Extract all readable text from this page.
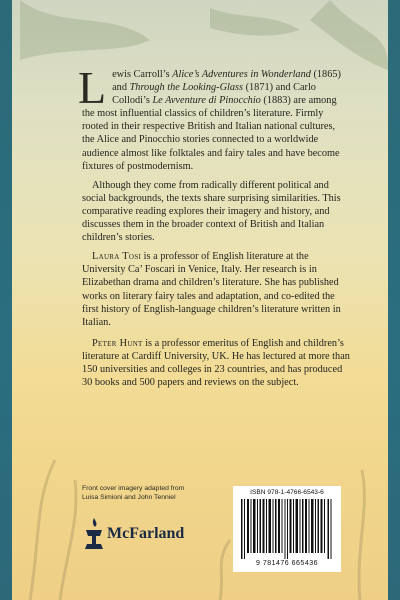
Lewis Carroll’s Alice’s Adventures in Wonderland (1865) and Through the Looking-Glass (1871) and Carlo Collodi’s Le Avventure di Pinocchio (1883) are among the most influential classics of children’s literature. Firmly rooted in their respective British and Italian national cultures, the Alice and Pinocchio stories connected to a worldwide audience almost like folktales and fairy tales and have become fixtures of postmodernism.

Although they come from radically different political and social backgrounds, the texts share surprising similarities. This comparative reading explores their imagery and history, and discusses them in the broader context of British and Italian children’s stories.

Laura Tosi is a professor of English literature at the University Ca’ Foscari in Venice, Italy. Her research is in Elizabethan drama and children’s literature. She has published works on literary fairy tales and adaptation, and co-edited the first history of English-language children’s literature written in Italian.

Peter Hunt is a professor emeritus of English and children’s literature at Cardiff University, UK. He has lectured at more than 150 universities and colleges in 23 countries, and has produced 30 books and 500 papers and reviews on the subject.

Front cover imagery adapted from
Luisa Simioni and John Tenniel
McFarland
ISBN 978-1-4766-6543-6
9 781476 665436
